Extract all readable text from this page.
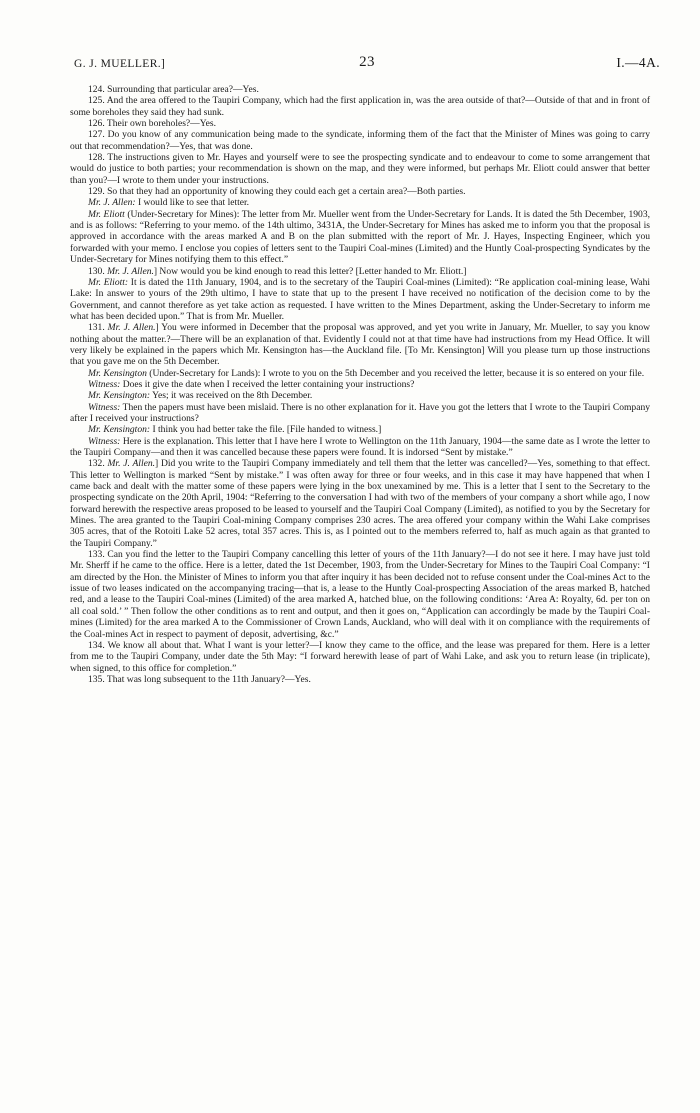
G. J. MUELLER.]	23	I.—4A.

124. Surrounding that particular area?—Yes.

125. And the area offered to the Taupiri Company, which had the first application in, was the area outside of that?—Outside of that and in front of some boreholes they said they had sunk.

126. Their own boreholes?—Yes.

127. Do you know of any communication being made to the syndicate, informing them of the fact that the Minister of Mines was going to carry out that recommendation?—Yes, that was done.

128. The instructions given to Mr. Hayes and yourself were to see the prospecting syndicate and to endeavour to come to some arrangement that would do justice to both parties; your recommendation is shown on the map, and they were informed, but perhaps Mr. Eliott could answer that better than you?—I wrote to them under your instructions.

129. So that they had an opportunity of knowing they could each get a certain area?—Both parties.

Mr. J. Allen: I would like to see that letter.

Mr. Eliott (Under-Secretary for Mines): The letter from Mr. Mueller went from the Under-Secretary for Lands. It is dated the 5th December, 1903, and is as follows: “Referring to your memo. of the 14th ultimo, 3431A, the Under-Secretary for Mines has asked me to inform you that the proposal is approved in accordance with the areas marked A and B on the plan submitted with the report of Mr. J. Hayes, Inspecting Engineer, which you forwarded with your memo. I enclose you copies of letters sent to the Taupiri Coal-mines (Limited) and the Huntly Coal-prospecting Syndicates by the Under-Secretary for Mines notifying them to this effect.”

130. Mr. J. Allen.] Now would you be kind enough to read this letter? [Letter handed to Mr. Eliott.]

Mr. Eliott: It is dated the 11th January, 1904, and is to the secretary of the Taupiri Coal-mines (Limited): “Re application coal-mining lease, Wahi Lake: In answer to yours of the 29th ultimo, I have to state that up to the present I have received no notification of the decision come to by the Government, and cannot therefore as yet take action as requested. I have written to the Mines Department, asking the Under-Secretary to inform me what has been decided upon.” That is from Mr. Mueller.

131. Mr. J. Allen.] You were informed in December that the proposal was approved, and yet you write in January, Mr. Mueller, to say you know nothing about the matter.?—There will be an explanation of that. Evidently I could not at that time have had instructions from my Head Office. It will very likely be explained in the papers which Mr. Kensington has—the Auckland file. [To Mr. Kensington] Will you please turn up those instructions that you gave me on the 5th December.

Mr. Kensington (Under-Secretary for Lands): I wrote to you on the 5th December and you received the letter, because it is so entered on your file.

Witness: Does it give the date when I received the letter containing your instructions?

Mr. Kensington: Yes; it was received on the 8th December.

Witness: Then the papers must have been mislaid. There is no other explanation for it. Have you got the letters that I wrote to the Taupiri Company after I received your instructions?

Mr. Kensington: I think you had better take the file. [File handed to witness.]

Witness: Here is the explanation. This letter that I have here I wrote to Wellington on the 11th January, 1904—the same date as I wrote the letter to the Taupiri Company—and then it was cancelled because these papers were found. It is indorsed “Sent by mistake.”

132. Mr. J. Allen.] Did you write to the Taupiri Company immediately and tell them that the letter was cancelled?—Yes, something to that effect. This letter to Wellington is marked “Sent by mistake.” I was often away for three or four weeks, and in this case it may have happened that when I came back and dealt with the matter some of these papers were lying in the box unexamined by me. This is a letter that I sent to the Secretary to the prospecting syndicate on the 20th April, 1904: “Referring to the conversation I had with two of the members of your company a short while ago, I now forward herewith the respective areas proposed to be leased to yourself and the Taupiri Coal Company (Limited), as notified to you by the Secretary for Mines. The area granted to the Taupiri Coal-mining Company comprises 230 acres. The area offered your company within the Wahi Lake comprises 305 acres, that of the Rotoiti Lake 52 acres, total 357 acres. This is, as I pointed out to the members referred to, half as much again as that granted to the Taupiri Company.”

133. Can you find the letter to the Taupiri Company cancelling this letter of yours of the 11th January?—I do not see it here. I may have just told Mr. Sherff if he came to the office. Here is a letter, dated the 1st December, 1903, from the Under-Secretary for Mines to the Taupiri Coal Company: “I am directed by the Hon. the Minister of Mines to inform you that after inquiry it has been decided not to refuse consent under the Coal-mines Act to the issue of two leases indicated on the accompanying tracing—that is, a lease to the Huntly Coal-prospecting Association of the areas marked B, hatched red, and a lease to the Taupiri Coal-mines (Limited) of the area marked A, hatched blue, on the following conditions: ‘Area A: Royalty, 6d. per ton on all coal sold.’ ” Then follow the other conditions as to rent and output, and then it goes on, “Application can accordingly be made by the Taupiri Coal-mines (Limited) for the area marked A to the Commissioner of Crown Lands, Auckland, who will deal with it on compliance with the requirements of the Coal-mines Act in respect to payment of deposit, advertising, &c.”

134. We know all about that. What I want is your letter?—I know they came to the office, and the lease was prepared for them. Here is a letter from me to the Taupiri Company, under date the 5th May: “I forward herewith lease of part of Wahi Lake, and ask you to return lease (in triplicate), when signed, to this office for completion.”

135. That was long subsequent to the 11th January?—Yes.
